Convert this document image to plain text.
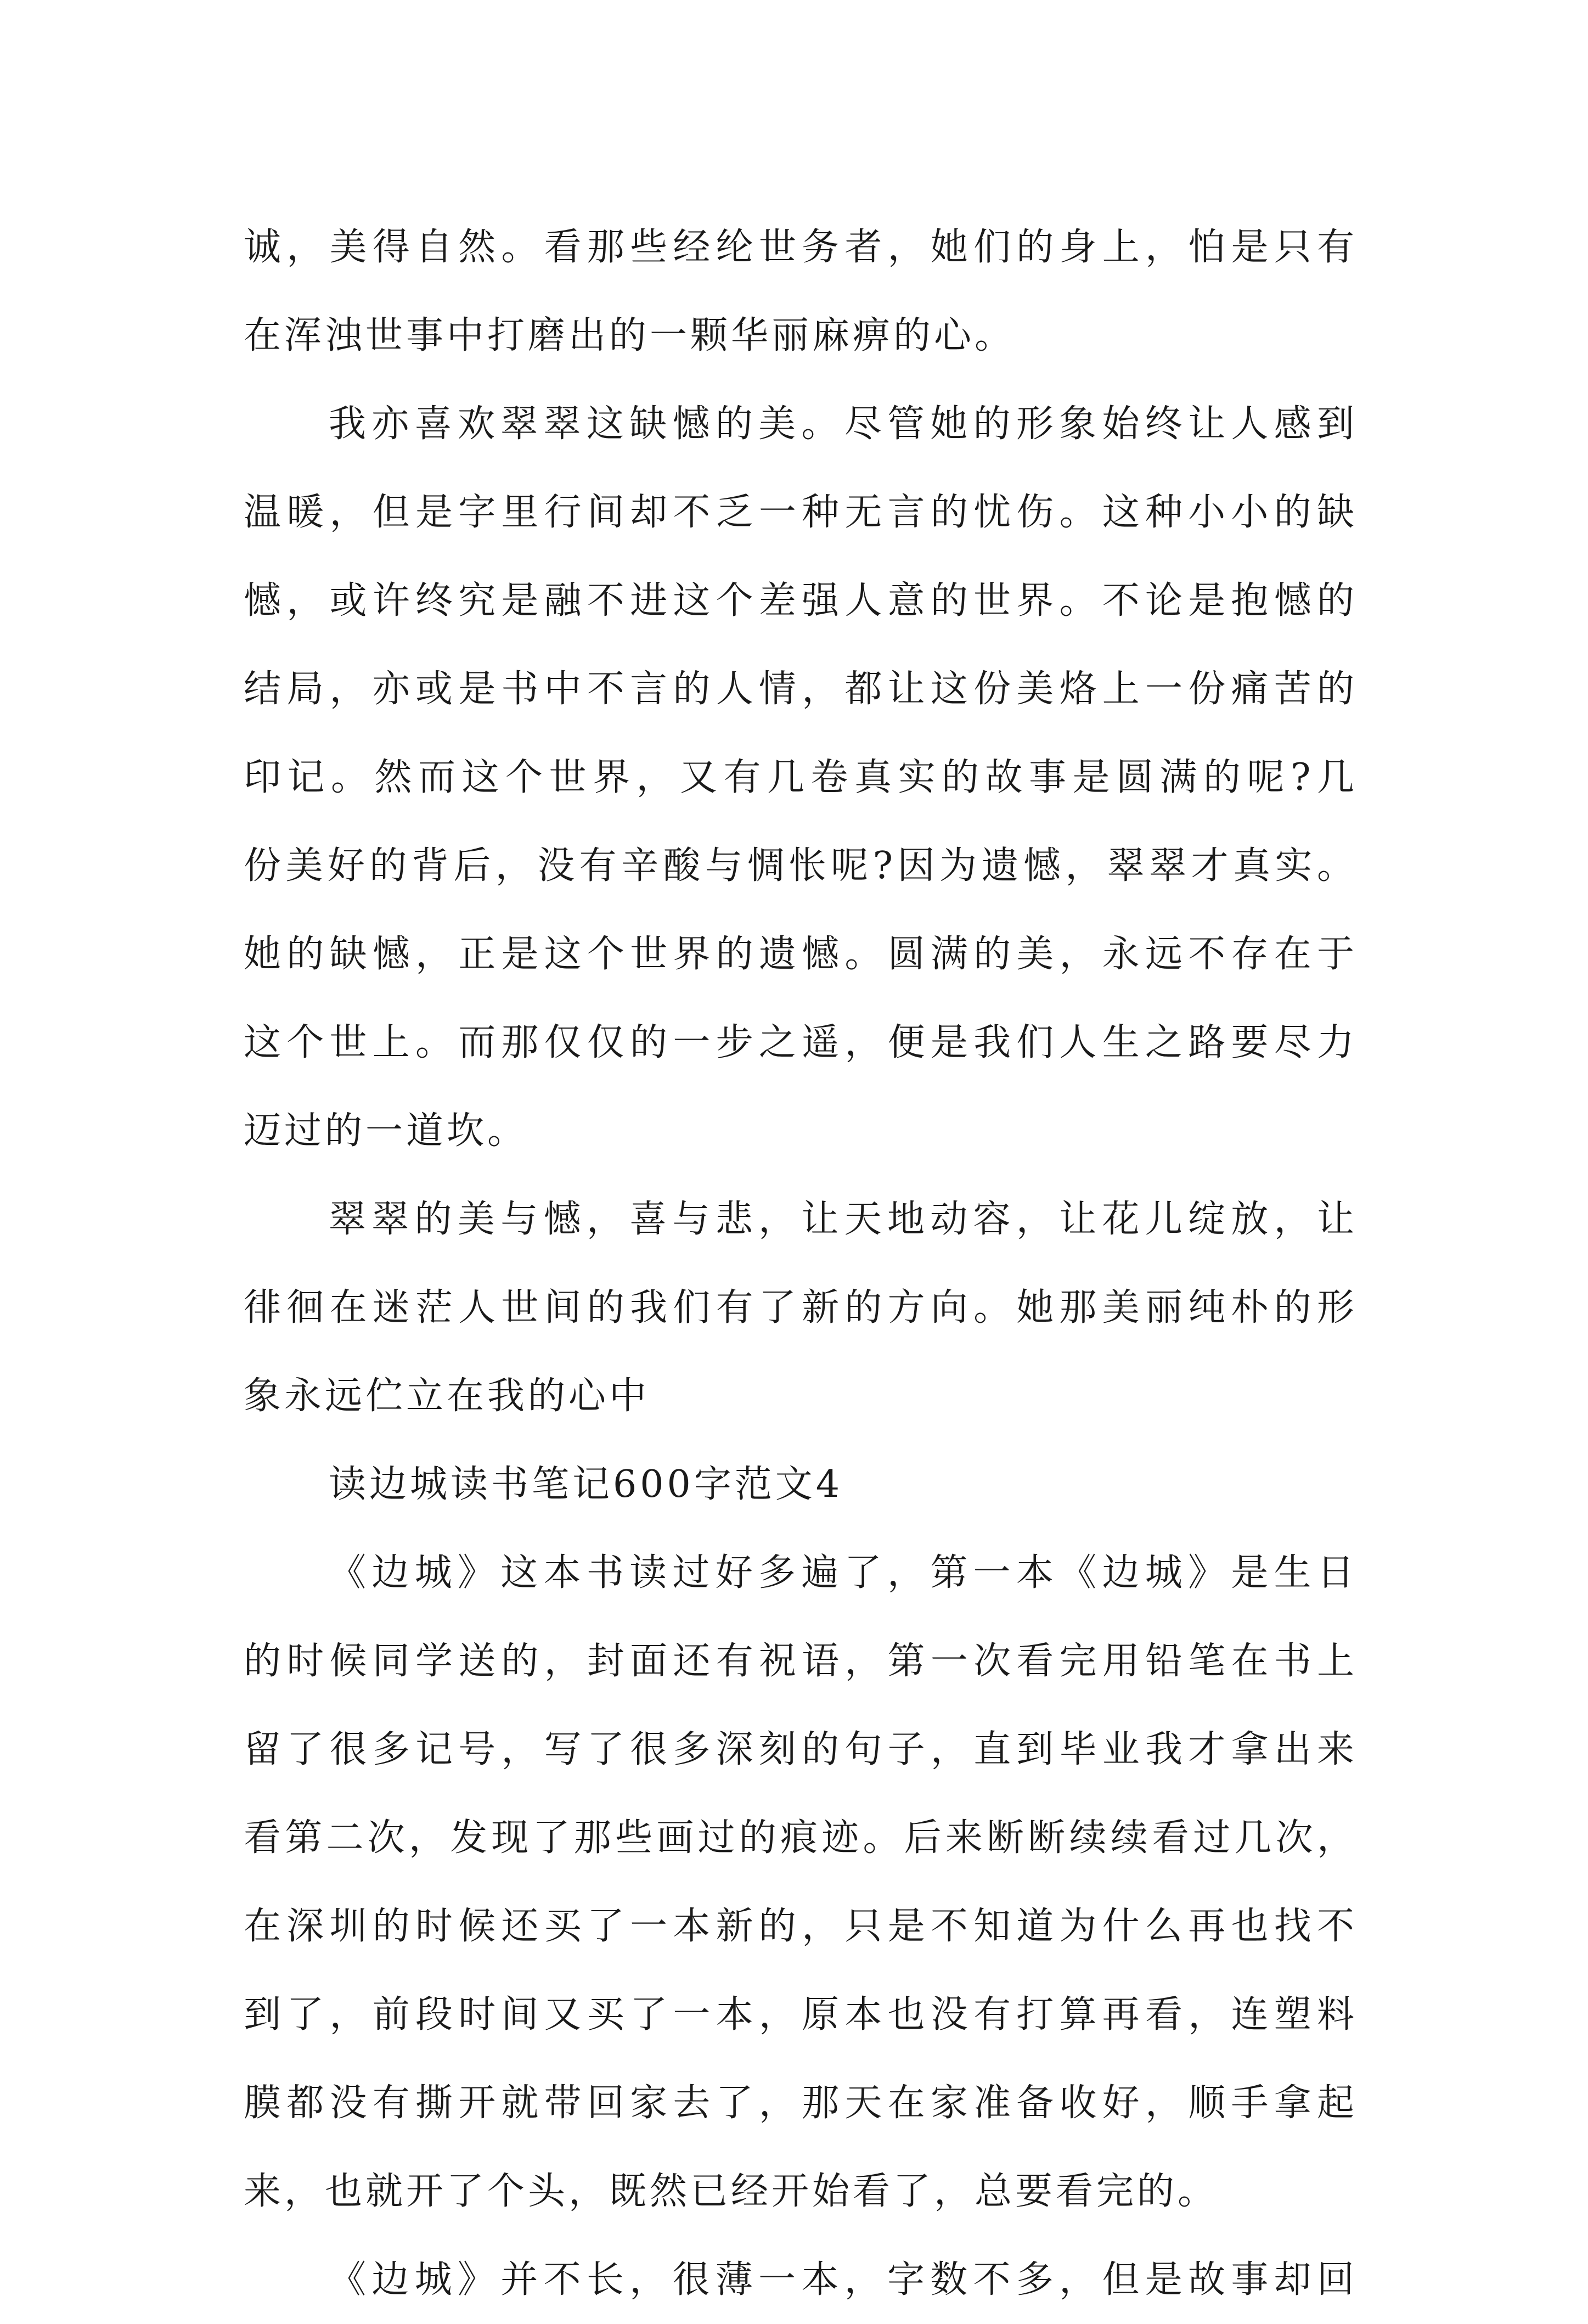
诚，美得自然。看那些经纶世务者，她们的身上，怕是只有
在浑浊世事中打磨出的一颗华丽麻痹的心。
我亦喜欢翠翠这缺憾的美。尽管她的形象始终让人感到
温暖，但是字里行间却不乏一种无言的忧伤。这种小小的缺
憾，或许终究是融不进这个差强人意的世界。不论是抱憾的
结局，亦或是书中不言的人情，都让这份美烙上一份痛苦的
印记。然而这个世界，又有几卷真实的故事是圆满的呢?几
份美好的背后，没有辛酸与惆怅呢?因为遗憾，翠翠才真实。
她的缺憾，正是这个世界的遗憾。圆满的美，永远不存在于
这个世上。而那仅仅的一步之遥，便是我们人生之路要尽力
迈过的一道坎。
翠翠的美与憾，喜与悲，让天地动容，让花儿绽放，让
徘徊在迷茫人世间的我们有了新的方向。她那美丽纯朴的形
象永远伫立在我的心中
读边城读书笔记600字范文4
《边城》这本书读过好多遍了，第一本《边城》是生日
的时候同学送的，封面还有祝语，第一次看完用铅笔在书上
留了很多记号，写了很多深刻的句子，直到毕业我才拿出来
看第二次，发现了那些画过的痕迹。后来断断续续看过几次，
在深圳的时候还买了一本新的，只是不知道为什么再也找不
到了，前段时间又买了一本，原本也没有打算再看，连塑料
膜都没有撕开就带回家去了，那天在家准备收好，顺手拿起
来，也就开了个头，既然已经开始看了，总要看完的。
《边城》并不长，很薄一本，字数不多，但是故事却回
